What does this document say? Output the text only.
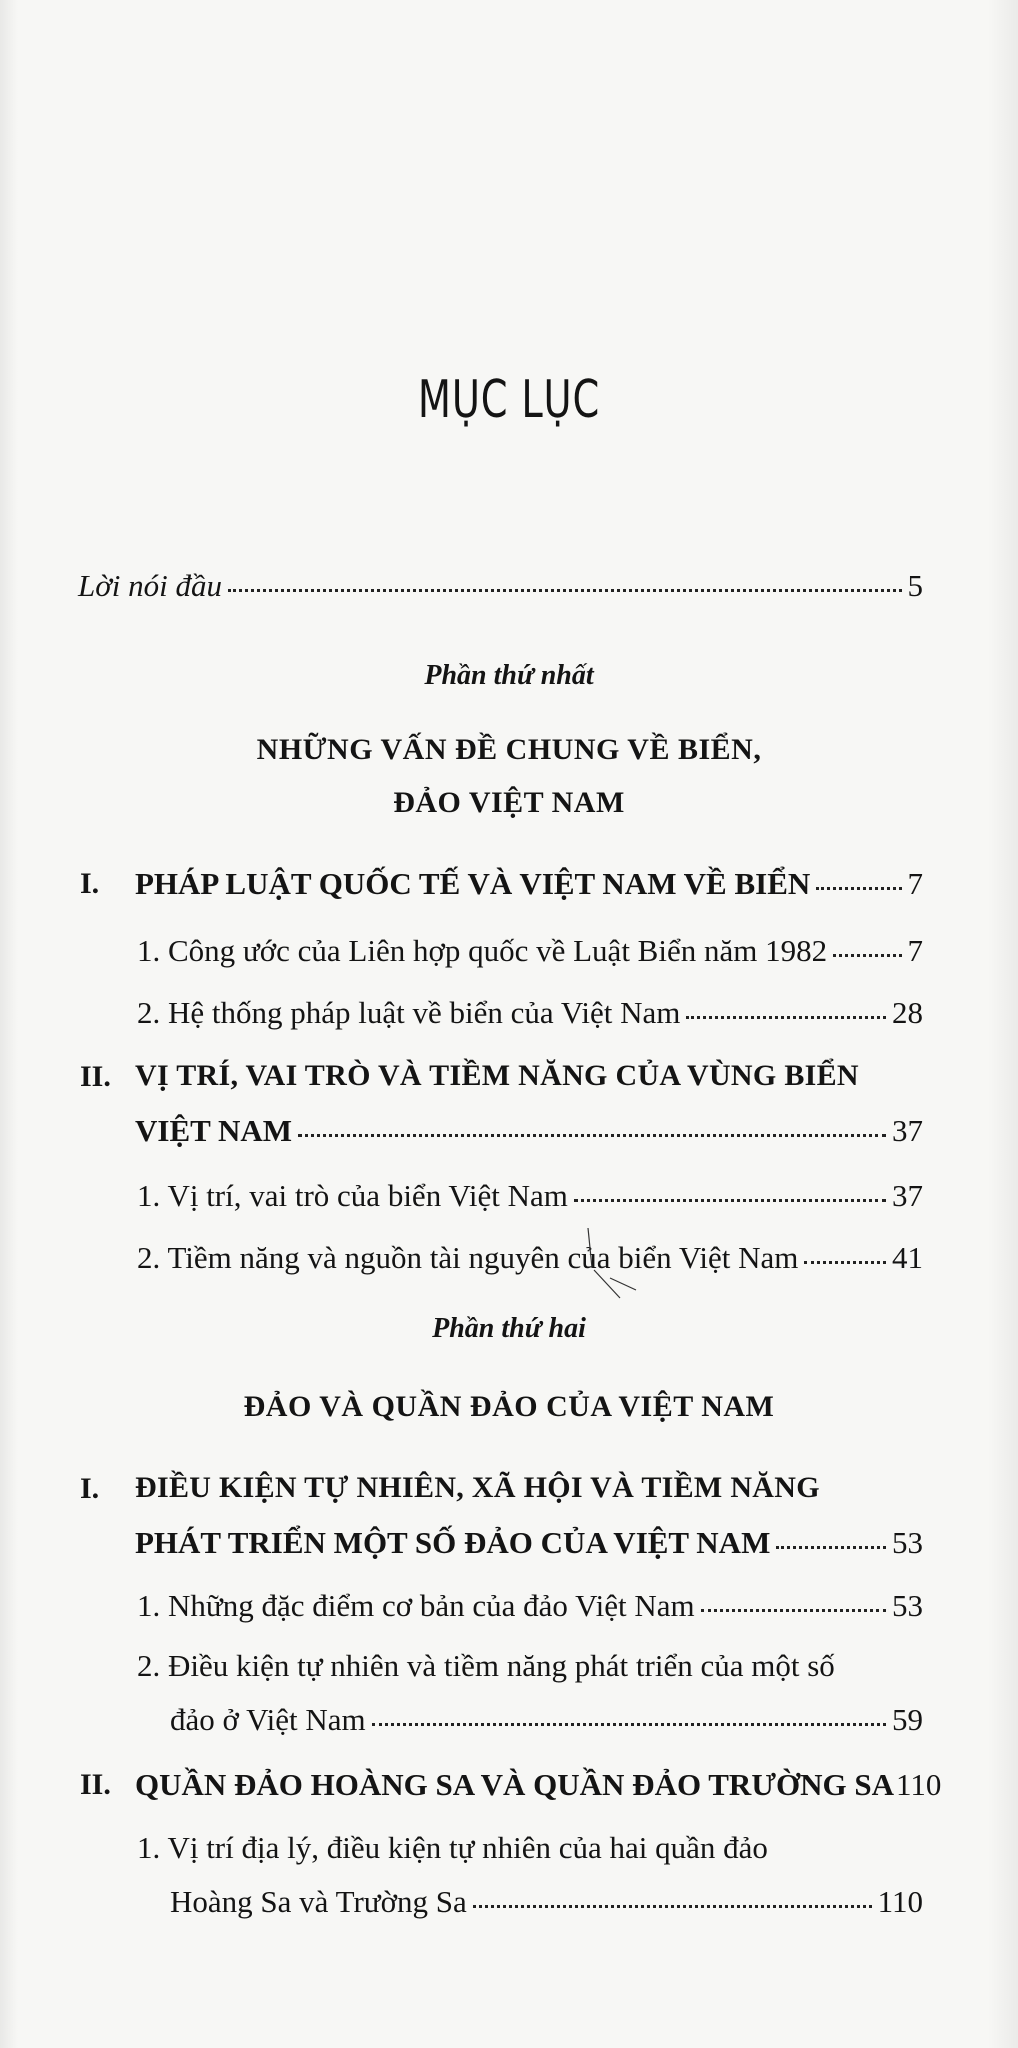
MỤC LỤC
Lời nói đầu	5
Phần thứ nhất
NHỮNG VẤN ĐỀ CHUNG VỀ BIỂN,
ĐẢO VIỆT NAM
I. PHÁP LUẬT QUỐC TẾ VÀ VIỆT NAM VỀ BIỂN	7
1. Công ước của Liên hợp quốc về Luật Biển năm 1982	7
2. Hệ thống pháp luật về biển của Việt Nam	28
II. VỊ TRÍ, VAI TRÒ VÀ TIỀM NĂNG CỦA VÙNG BIỂN
VIỆT NAM	37
1. Vị trí, vai trò của biển Việt Nam	37
2. Tiềm năng và nguồn tài nguyên của biển Việt Nam	41
Phần thứ hai
ĐẢO VÀ QUẦN ĐẢO CỦA VIỆT NAM
I. ĐIỀU KIỆN TỰ NHIÊN, XÃ HỘI VÀ TIỀM NĂNG
PHÁT TRIỂN MỘT SỐ ĐẢO CỦA VIỆT NAM	53
1. Những đặc điểm cơ bản của đảo Việt Nam	53
2. Điều kiện tự nhiên và tiềm năng phát triển của một số
đảo ở Việt Nam	59
II. QUẦN ĐẢO HOÀNG SA VÀ QUẦN ĐẢO TRƯỜNG SA 110
1. Vị trí địa lý, điều kiện tự nhiên của hai quần đảo
Hoàng Sa và Trường Sa	110
